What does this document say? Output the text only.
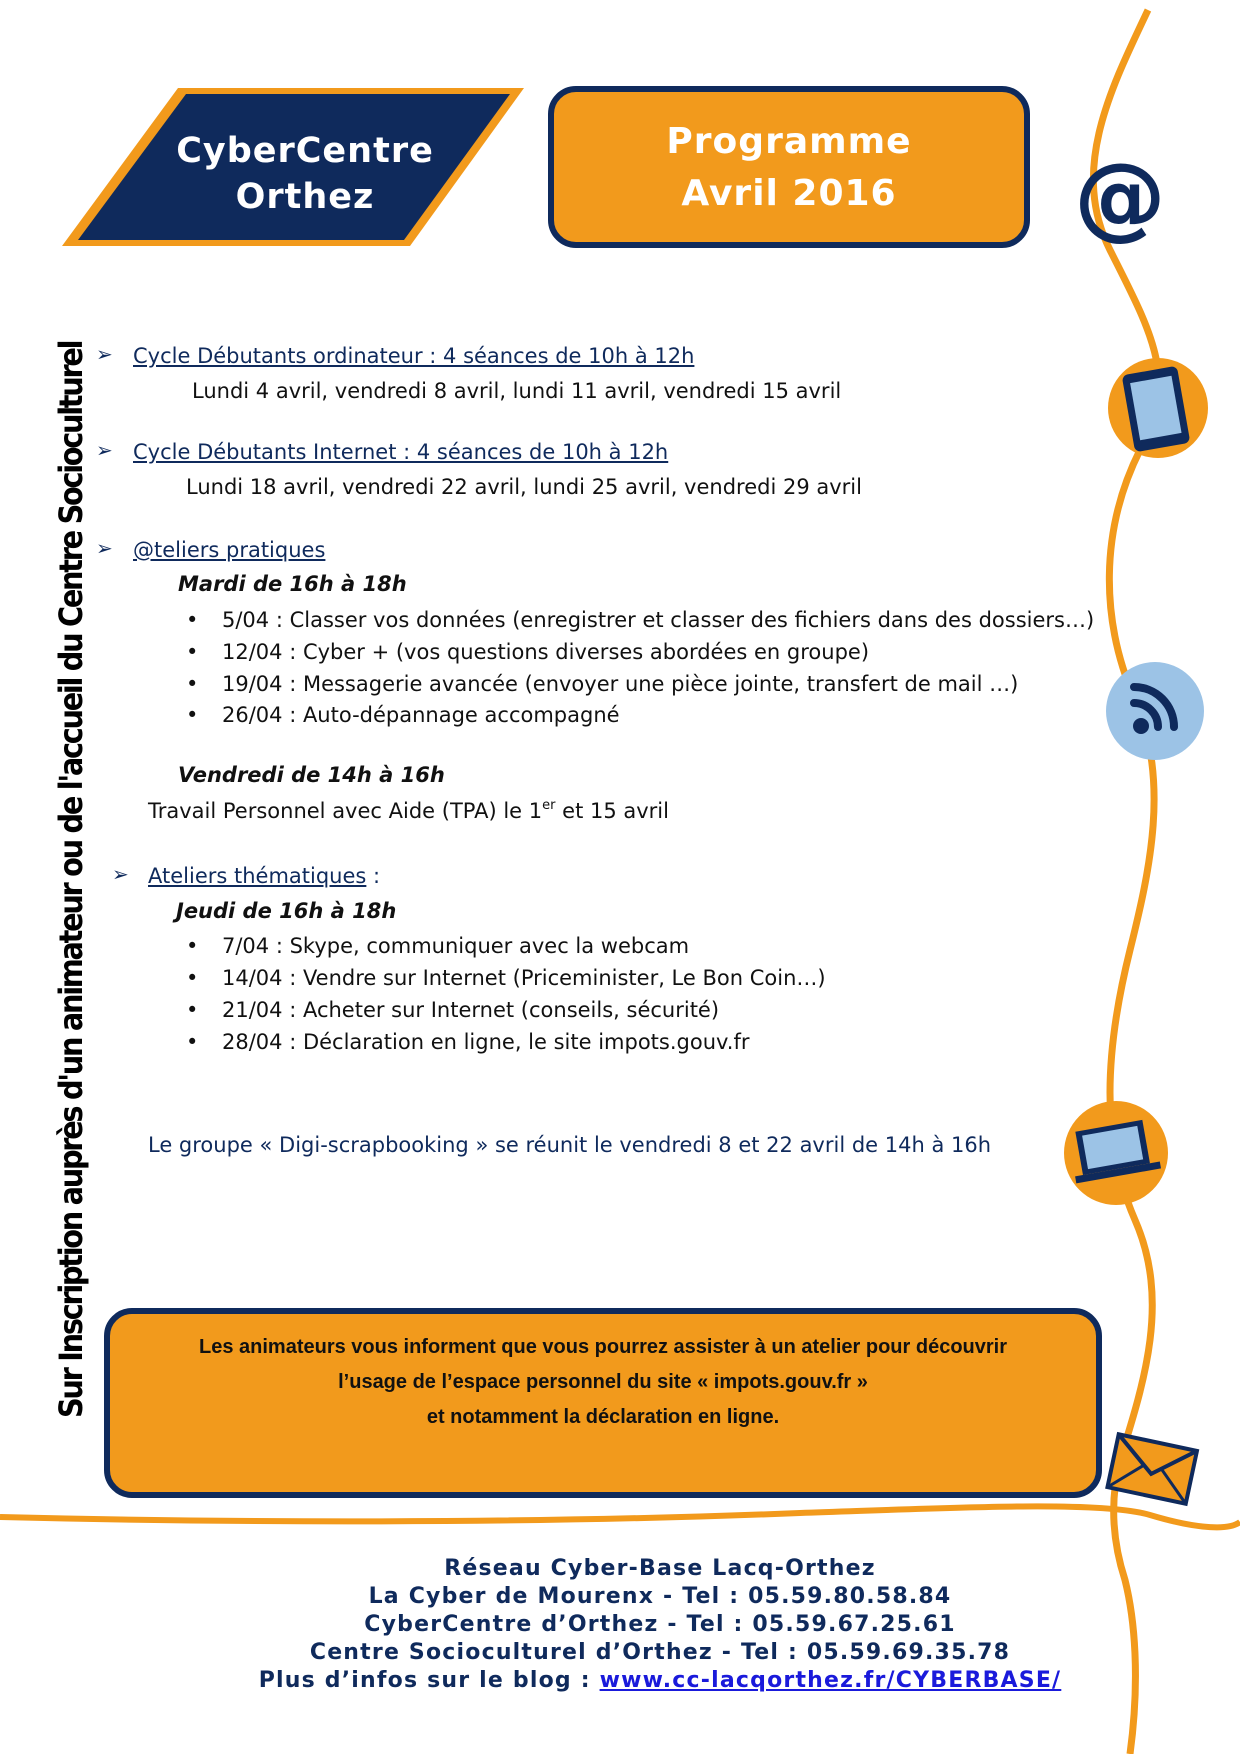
@
CyberCentre
Orthez
Programme
Avril 2016
Sur Inscription auprès d'un animateur ou de l'accueil du Centre Socioculturel ➢ Cycle Débutants ordinateur : 4 séances de 10h à 12h
Lundi 4 avril, vendredi 8 avril, lundi 11 avril, vendredi 15 avril
➢ Cycle Débutants Internet : 4 séances de 10h à 12h
Lundi 18 avril, vendredi 22 avril, lundi 25 avril, vendredi 29 avril
➢ @teliers pratiques
Mardi de 16h à 18h
• 5/04 : Classer vos données (enregistrer et classer des fichiers dans des dossiers…)
• 12/04 : Cyber + (vos questions diverses abordées en groupe)
• 19/04 : Messagerie avancée (envoyer une pièce jointe, transfert de mail …)
• 26/04 : Auto-dépannage accompagné
Vendredi de 14h à 16h
Travail Personnel avec Aide (TPA) le 1er et 15 avril
➢ Ateliers thématiques :
Jeudi de 16h à 18h
• 7/04 : Skype, communiquer avec la webcam
• 14/04 : Vendre sur Internet (Priceminister, Le Bon Coin…)
• 21/04 : Acheter sur Internet (conseils, sécurité)
• 28/04 : Déclaration en ligne, le site impots.gouv.fr
Le groupe « Digi-scrapbooking » se réunit le vendredi 8 et 22 avril de 14h à 16h
Les animateurs vous informent que vous pourrez assister à un atelier pour découvrir
l’usage de l’espace personnel du site « impots.gouv.fr »
et notamment la déclaration en ligne.
Réseau Cyber-Base Lacq-Orthez
La Cyber de Mourenx - Tel : 05.59.80.58.84
CyberCentre d’Orthez - Tel : 05.59.67.25.61
Centre Socioculturel d’Orthez - Tel : 05.59.69.35.78
Plus d’infos sur le blog : www.cc-lacqorthez.fr/CYBERBASE/
